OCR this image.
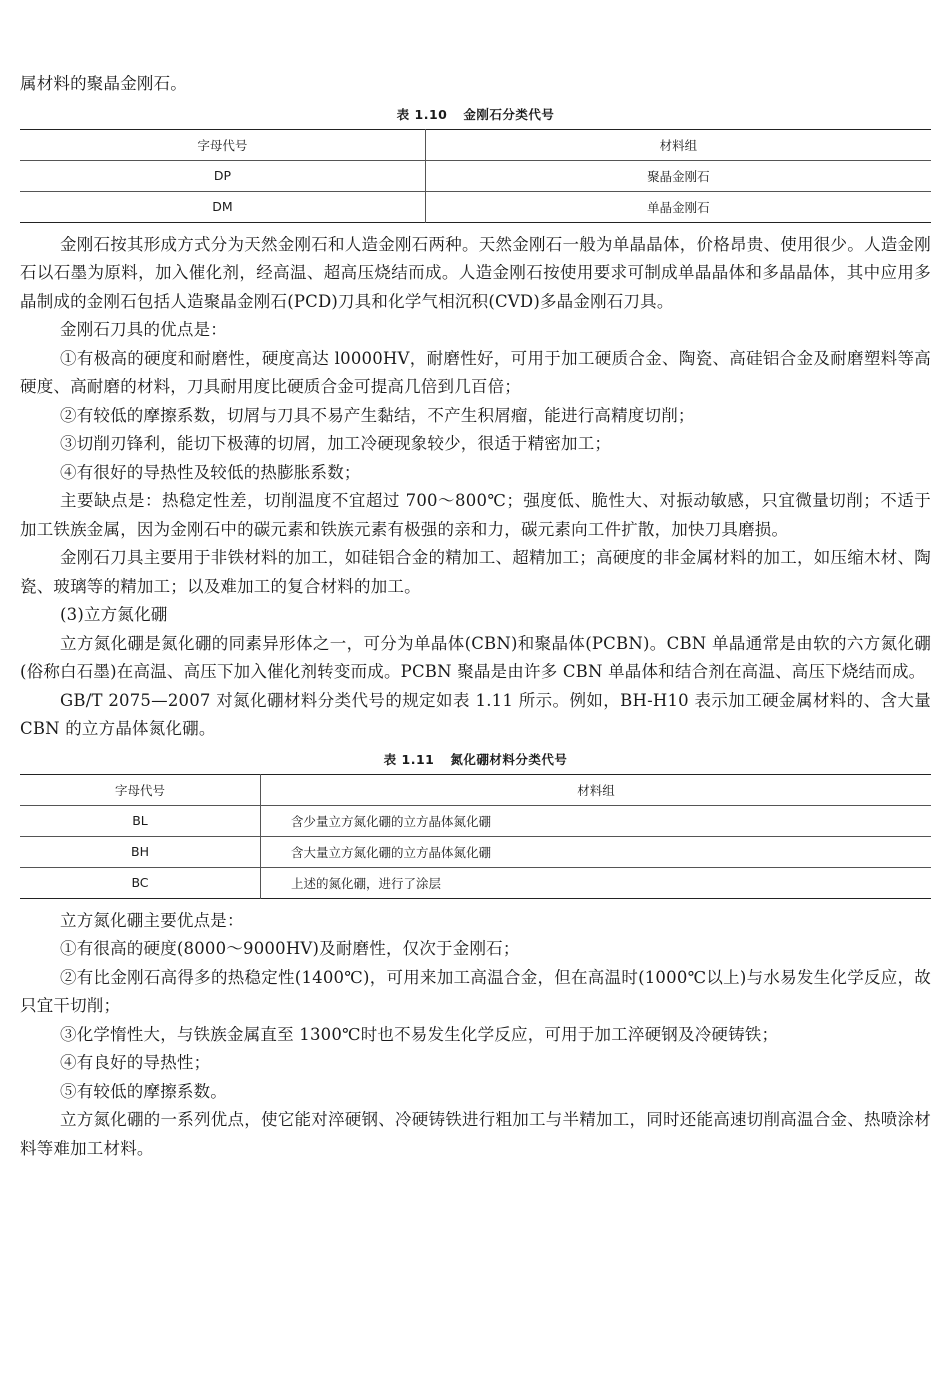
属材料的聚晶金刚石。

表 1.10 金刚石分类代号
字母代号	材料组
DP	聚晶金刚石
DM	单晶金刚石

金刚石按其形成方式分为天然金刚石和人造金刚石两种。天然金刚石一般为单晶晶体，价格昂贵、使用很少。人造金刚石以石墨为原料，加入催化剂，经高温、超高压烧结而成。人造金刚石按使用要求可制成单晶晶体和多晶晶体，其中应用多晶制成的金刚石包括人造聚晶金刚石(PCD)刀具和化学气相沉积(CVD)多晶金刚石刀具。

金刚石刀具的优点是：

①有极高的硬度和耐磨性，硬度高达 l0000HV，耐磨性好，可用于加工硬质合金、陶瓷、高硅铝合金及耐磨塑料等高硬度、高耐磨的材料，刀具耐用度比硬质合金可提高几倍到几百倍；

②有较低的摩擦系数，切屑与刀具不易产生黏结，不产生积屑瘤，能进行高精度切削；

③切削刃锋利，能切下极薄的切屑，加工冷硬现象较少，很适于精密加工；

④有很好的导热性及较低的热膨胀系数；

主要缺点是：热稳定性差，切削温度不宜超过 700～800℃；强度低、脆性大、对振动敏感，只宜微量切削；不适于加工铁族金属，因为金刚石中的碳元素和铁族元素有极强的亲和力，碳元素向工件扩散，加快刀具磨损。

金刚石刀具主要用于非铁材料的加工，如硅铝合金的精加工、超精加工；高硬度的非金属材料的加工，如压缩木材、陶瓷、玻璃等的精加工；以及难加工的复合材料的加工。

(3)立方氮化硼

立方氮化硼是氮化硼的同素异形体之一，可分为单晶体(CBN)和聚晶体(PCBN)。CBN 单晶通常是由软的六方氮化硼(俗称白石墨)在高温、高压下加入催化剂转变而成。PCBN 聚晶是由许多 CBN 单晶体和结合剂在高温、高压下烧结而成。

GB/T 2075—2007 对氮化硼材料分类代号的规定如表 1.11 所示。例如，BH-H10 表示加工硬金属材料的、含大量 CBN 的立方晶体氮化硼。

表 1.11 氮化硼材料分类代号
字母代号	材料组
BL	含少量立方氮化硼的立方晶体氮化硼
BH	含大量立方氮化硼的立方晶体氮化硼
BC	上述的氮化硼，进行了涂层

立方氮化硼主要优点是：

①有很高的硬度(8000～9000HV)及耐磨性，仅次于金刚石；

②有比金刚石高得多的热稳定性(1400℃)，可用来加工高温合金，但在高温时(1000℃以上)与水易发生化学反应，故只宜干切削；

③化学惰性大，与铁族金属直至 1300℃时也不易发生化学反应，可用于加工淬硬钢及冷硬铸铁；

④有良好的导热性；

⑤有较低的摩擦系数。

立方氮化硼的一系列优点，使它能对淬硬钢、冷硬铸铁进行粗加工与半精加工，同时还能高速切削高温合金、热喷涂材料等难加工材料。
